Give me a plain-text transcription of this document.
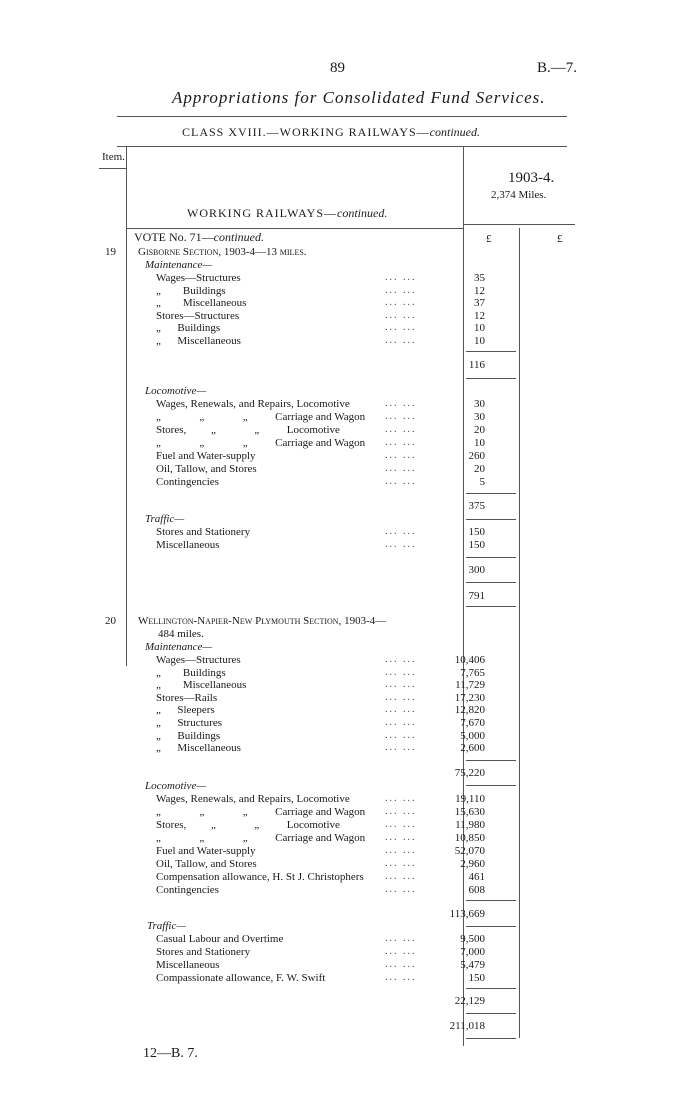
89	B.—7.
Appropriations for Consolidated Fund Services.
CLASS XVIII.—WORKING RAILWAYS—continued.
Item.
1903-4.
2,374 Miles.
WORKING RAILWAYS—continued.
VOTE No. 71—continued.	£	£
19 Gisborne Section, 1903-4—13 miles.
Maintenance—
Wages—Structures	... ...	35
„        Buildings	... ...	12
„        Miscellaneous	... ...	37
Stores—Structures	... ...	12
„      Buildings	... ...	10
„      Miscellaneous	... ...	10
116
Locomotive—
Wages, Renewals, and Repairs, Locomotive	... ...	30
„              „              „          Carriage and Wagon ... ...	30
Stores,         „              „          Locomotive	... ...	20
„              „              „          Carriage and Wagon ... ...	10
Fuel and Water-supply	... ...	260
Oil, Tallow, and Stores	... ...	20
Contingencies	... ...	5
375
Traffic—
Stores and Stationery	... ...	150
Miscellaneous	... ...	150
300
791
20 Wellington-Napier-New Plymouth Section, 1903-4—
484 miles.
Maintenance—
Wages—Structures	... ...	10,406
„        Buildings	... ...	7,765
„        Miscellaneous	... ...	11,729
Stores—Rails	... ...	17,230
„      Sleepers	... ...	12,820
„      Structures	... ...	7,670
„      Buildings	... ...	5,000
„      Miscellaneous	... ...	2,600
75,220
Locomotive—
Wages, Renewals, and Repairs, Locomotive	... ...	19,110
„              „              „          Carriage and Wagon ... ...	15,630
Stores,         „              „          Locomotive	... ...	11,980
„              „              „          Carriage and Wagon ... ...	10,850
Fuel and Water-supply	... ...	52,070
Oil, Tallow, and Stores	... ...	2,960
Compensation allowance, H. St J. Christophers ... ...	461
Contingencies	... ...	608
113,669
Traffic—
Casual Labour and Overtime	... ...	9,500
Stores and Stationery	... ...	7,000
Miscellaneous	... ...	5,479
Compassionate allowance, F. W. Swift	... ...	150
22,129
211,018
12—B. 7.
